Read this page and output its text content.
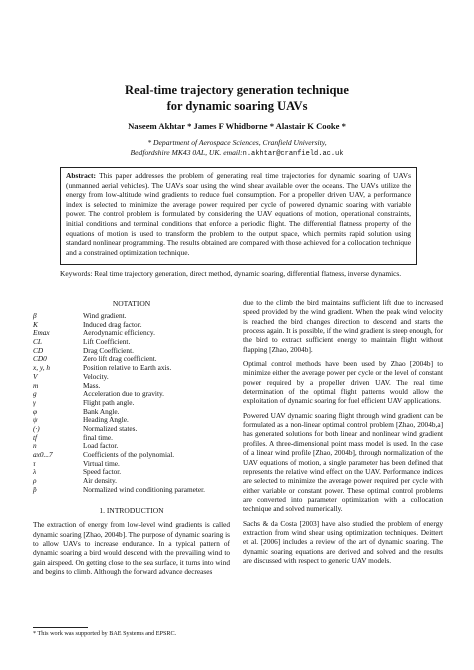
Real-time trajectory generation technique
for dynamic soaring UAVs
Naseem Akhtar * James F Whidborne * Alastair K Cooke *
* Department of Aerospace Sciences, Cranfield University,
Bedfordshire MK43 0AL, UK. email:n.akhtar@cranfield.ac.uk

Abstract: This paper addresses the problem of generating real time trajectories for dynamic soaring of UAVs (unmanned aerial vehicles). The UAVs soar using the wind shear available over the oceans. The UAVs utilize the energy from low-altitude wind gradients to reduce fuel consumption. For a propeller driven UAV, a performance index is selected to minimize the average power required per cycle of powered dynamic soaring with variable power. The control problem is formulated by considering the UAV equations of motion, operational constraints, initial conditions and terminal conditions that enforce a periodic flight. The differential flatness property of the equations of motion is used to transform the problem to the output space, which permits rapid solution using standard nonlinear programming. The results obtained are compared with those achieved for a collocation technique and a constrained optimization technique.

Keywords: Real time trajectory generation, direct method, dynamic soaring, differential flatness, inverse dynamics.
NOTATION
β	Wind gradient.
K	Induced drag factor.
Emax	Aerodynamic efficiency.
CL	Lift Coefficient.
CD	Drag Coefficient.
CD0	Zero lift drag coefficient.
x, y, h	Position relative to Earth axis.
V	Velocity.
m	Mass.
g	Acceleration due to gravity.
γ	Flight path angle.
φ	Bank Angle.
ψ	Heading Angle.
(·)	Normalized states.
tf	final time.
n	Load factor.
ax0...7	Coefficients of the polynomial.
τ	Virtual time.
λ	Speed factor.
ρ	Air density.
p̄	Normalized wind conditioning parameter.
1. INTRODUCTION
The extraction of energy from low-level wind gradients is called dynamic soaring [Zhao, 2004b]. The purpose of dynamic soaring is to allow UAVs to increase endurance. In a typical pattern of dynamic soaring a bird would descend with the prevailing wind to gain airspeed. On getting close to the sea surface, it turns into wind and begins to climb. Although the forward advance decreases

due to the climb the bird maintains sufficient lift due to increased speed provided by the wind gradient. When the peak wind velocity is reached the bird changes direction to descend and starts the process again. It is possible, if the wind gradient is steep enough, for the bird to extract sufficient energy to maintain flight without flapping [Zhao, 2004b].

Optimal control methods have been used by Zhao [2004b] to minimize either the average power per cycle or the level of constant power required by a propeller driven UAV. The real time determination of the optimal flight patterns would allow the exploitation of dynamic soaring for fuel efficient UAV applications.

Powered UAV dynamic soaring flight through wind gradient can be formulated as a non-linear optimal control problem [Zhao, 2004b,a] has generated solutions for both linear and nonlinear wind gradient profiles. A three-dimensional point mass model is used. In the case of a linear wind profile [Zhao, 2004b], through normalization of the UAV equations of motion, a single parameter has been defined that represents the relative wind effect on the UAV. Performance indices are selected to minimize the average power required per cycle with either variable or constant power. These optimal control problems are converted into parameter optimization with a collocation technique and solved numerically.

Sachs & da Costa [2003] have also studied the problem of energy extraction from wind shear using optimization techniques. Deittert et al. [2006] includes a review of the art of dynamic soaring. The dynamic soaring equations are derived and solved and the results are discussed with respect to generic UAV models.

* This work was supported by BAE Systems and EPSRC.
